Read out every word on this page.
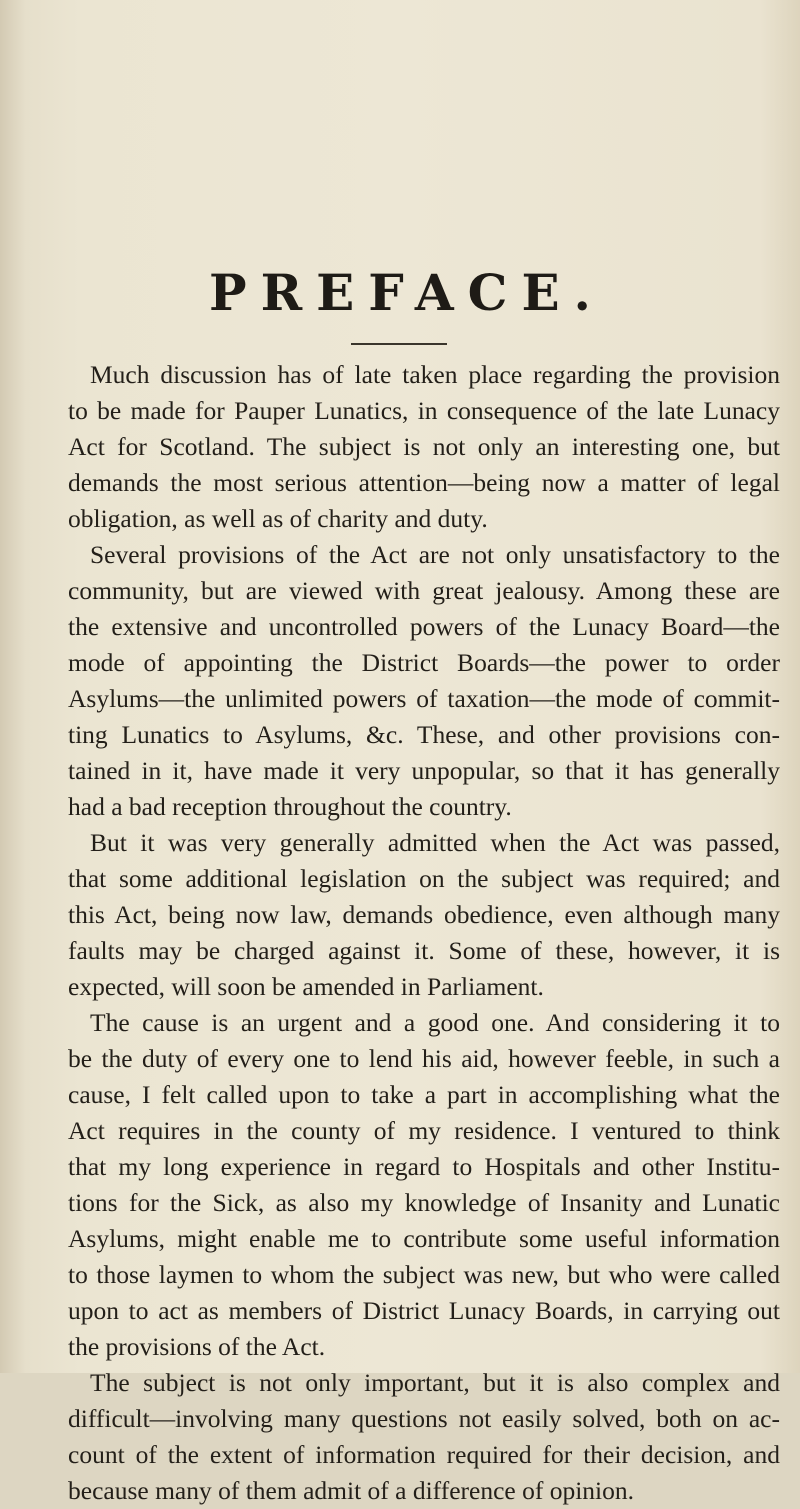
PREFACE.
Much discussion has of late taken place regarding the provision
to be made for Pauper Lunatics, in consequence of the late Lunacy
Act for Scotland. The subject is not only an interesting one, but
demands the most serious attention—being now a matter of legal
obligation, as well as of charity and duty.
Several provisions of the Act are not only unsatisfactory to the
community, but are viewed with great jealousy. Among these are
the extensive and uncontrolled powers of the Lunacy Board—the
mode of appointing the District Boards—the power to order
Asylums—the unlimited powers of taxation—the mode of commit-
ting Lunatics to Asylums, &c. These, and other provisions con-
tained in it, have made it very unpopular, so that it has generally
had a bad reception throughout the country.
But it was very generally admitted when the Act was passed,
that some additional legislation on the subject was required; and
this Act, being now law, demands obedience, even although many
faults may be charged against it. Some of these, however, it is
expected, will soon be amended in Parliament.
The cause is an urgent and a good one. And considering it to
be the duty of every one to lend his aid, however feeble, in such a
cause, I felt called upon to take a part in accomplishing what the
Act requires in the county of my residence. I ventured to think
that my long experience in regard to Hospitals and other Institu-
tions for the Sick, as also my knowledge of Insanity and Lunatic
Asylums, might enable me to contribute some useful information
to those laymen to whom the subject was new, but who were called
upon to act as members of District Lunacy Boards, in carrying out
the provisions of the Act.
The subject is not only important, but it is also complex and
difficult—involving many questions not easily solved, both on ac-
count of the extent of information required for their decision, and
because many of them admit of a difference of opinion.
